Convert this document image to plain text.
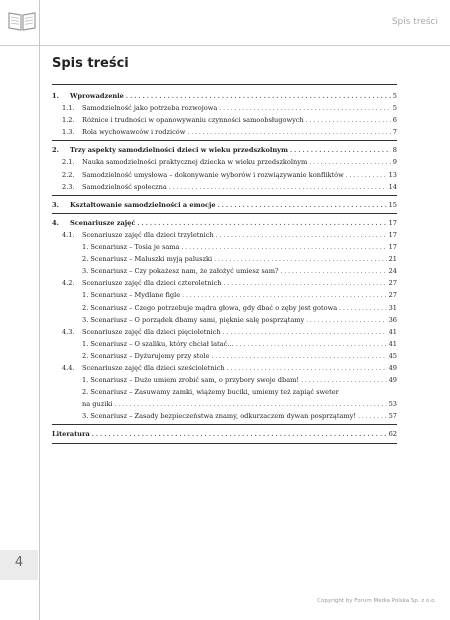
Spis treści
4
Copyright by Forum Media Polska Sp. z o.o.
Spis treści
1.	Wprowadzenie . . .	5
1.1.	Samodzielność jako potrzeba rozwojowa . . .	5
1.2.	Różnice i trudności w opanowywaniu czynności samoobsługowych . . .	6
1.3.	Rola wychowawców i rodziców . . .	7
2.	Trzy aspekty samodzielności dzieci w wieku przedszkolnym . . .	8
2.1.	Nauka samodzielności praktycznej dziecka w wieku przedszkolnym . . .	9
2.2.	Samodzielność umysłowa – dokonywanie wyborów i rozwiązywanie konfliktów . . .	13
2.3.	Samodzielność społeczna . . .	14
3.	Kształtowanie samodzielności a emocje . . .	15
4.	Scenariusze zajęć . . .	17
4.1.	Scenariusze zajęć dla dzieci trzyletnich . . .	17
1. Scenariusz – Tosia je sama . . .	17
2. Scenariusz – Maluszki myją paluszki . . .	21
3. Scenariusz – Czy pokażesz nam, że założyć umiesz sam? . . .	24
4.2.	Scenariusze zajęć dla dzieci czteroletnich . . .	27
1. Scenariusz – Mydlane figle . . .	27
2. Scenariusz – Czego potrzebuje mądra głowa, gdy dbać o zęby jest gotowa . . .	31
3. Scenariusz – O porządek dbamy sami, pięknie salę posprzątamy . . .	36
4.3.	Scenariusze zajęć dla dzieci pięcioletnich . . .	41
1. Scenariusz – O szaliku, który chciał latać… . . .	41
2. Scenariusz – Dyżurujemy przy stole . . .	45
4.4.	Scenariusze zajęć dla dzieci sześcioletnich . . .	49
1. Scenariusz – Dużo umiem zrobić sam, o przybory swoje dbam! . . .	49
2. Scenariusz – Zasuwamy zamki, wiążemy buciki, umiemy też zapiąć sweter
na guziki . . .	53
3. Scenariusz – Zasady bezpieczeństwa znamy, odkurzaczem dywan posprzątamy! . . .	57
Literatura . . .	62
